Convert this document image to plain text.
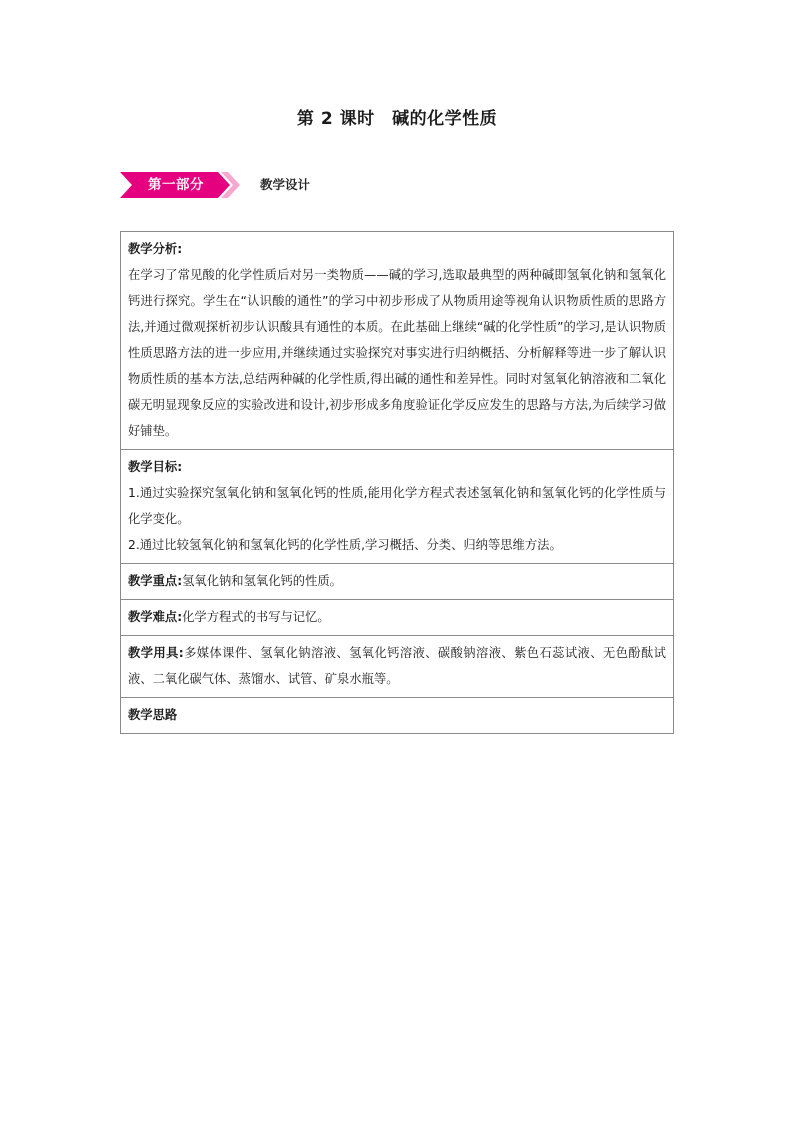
第 2 课时　碱的化学性质
第一部分	教学设计
教学分析:
在学习了常见酸的化学性质后对另一类物质——碱的学习,选取最典型的两种碱即氢氧化钠和氢氧化钙进行探究。学生在“认识酸的通性”的学习中初步形成了从物质用途等视角认识物质性质的思路方法,并通过微观探析初步认识酸具有通性的本质。在此基础上继续“碱的化学性质”的学习,是认识物质性质思路方法的进一步应用,并继续通过实验探究对事实进行归纳概括、分析解释等进一步了解认识物质性质的基本方法,总结两种碱的化学性质,得出碱的通性和差异性。同时对氢氧化钠溶液和二氧化碳无明显现象反应的实验改进和设计,初步形成多角度验证化学反应发生的思路与方法,为后续学习做好铺垫。
教学目标:
1.通过实验探究氢氧化钠和氢氧化钙的性质,能用化学方程式表述氢氧化钠和氢氧化钙的化学性质与化学变化。
2.通过比较氢氧化钠和氢氧化钙的化学性质,学习概括、分类、归纳等思维方法。
教学重点:氢氧化钠和氢氧化钙的性质。
教学难点:化学方程式的书写与记忆。
教学用具:多媒体课件、氢氧化钠溶液、氢氧化钙溶液、碳酸钠溶液、紫色石蕊试液、无色酚酞试液、二氧化碳气体、蒸馏水、试管、矿泉水瓶等。
教学思路
